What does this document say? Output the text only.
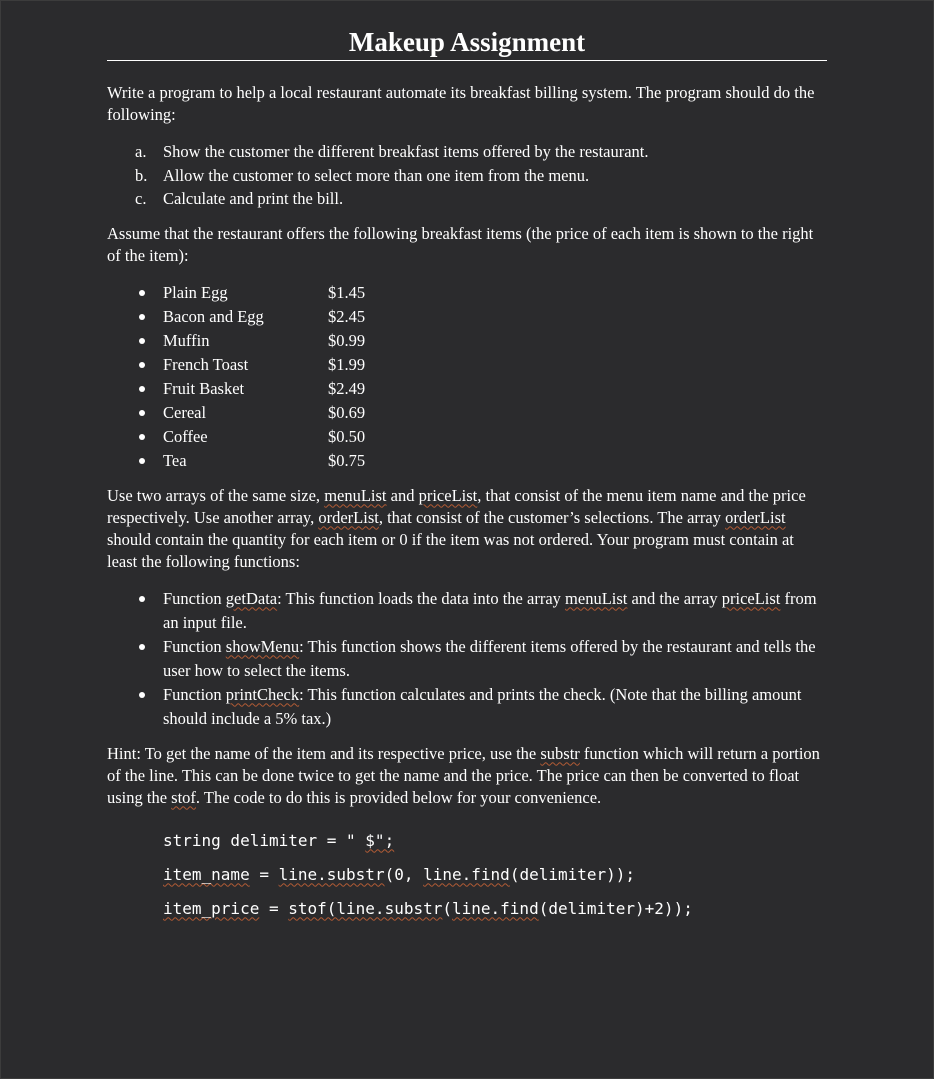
Makeup Assignment

Write a program to help a local restaurant automate its breakfast billing system. The program should do the following:

a. Show the customer the different breakfast items offered by the restaurant.
b. Allow the customer to select more than one item from the menu.
c. Calculate and print the bill.

Assume that the restaurant offers the following breakfast items (the price of each item is shown to the right of the item):

Plain Egg	$1.45
Bacon and Egg	$2.45
Muffin	$0.99
French Toast	$1.99
Fruit Basket	$2.49
Cereal	$0.69
Coffee	$0.50
Tea	$0.75

Use two arrays of the same size, menuList and priceList, that consist of the menu item name and the price respectively. Use another array, orderList, that consist of the customer’s selections. The array orderList should contain the quantity for each item or 0 if the item was not ordered. Your program must contain at least the following functions:

Function getData: This function loads the data into the array menuList and the array priceList from an input file.
Function showMenu: This function shows the different items offered by the restaurant and tells the user how to select the items.
Function printCheck: This function calculates and prints the check. (Note that the billing amount should include a 5% tax.)

Hint: To get the name of the item and its respective price, use the substr function which will return a portion of the line. This can be done twice to get the name and the price. The price can then be converted to float using the stof. The code to do this is provided below for your convenience.

string delimiter = " $";
item_name = line.substr(0, line.find(delimiter));
item_price = stof(line.substr(line.find(delimiter)+2));
